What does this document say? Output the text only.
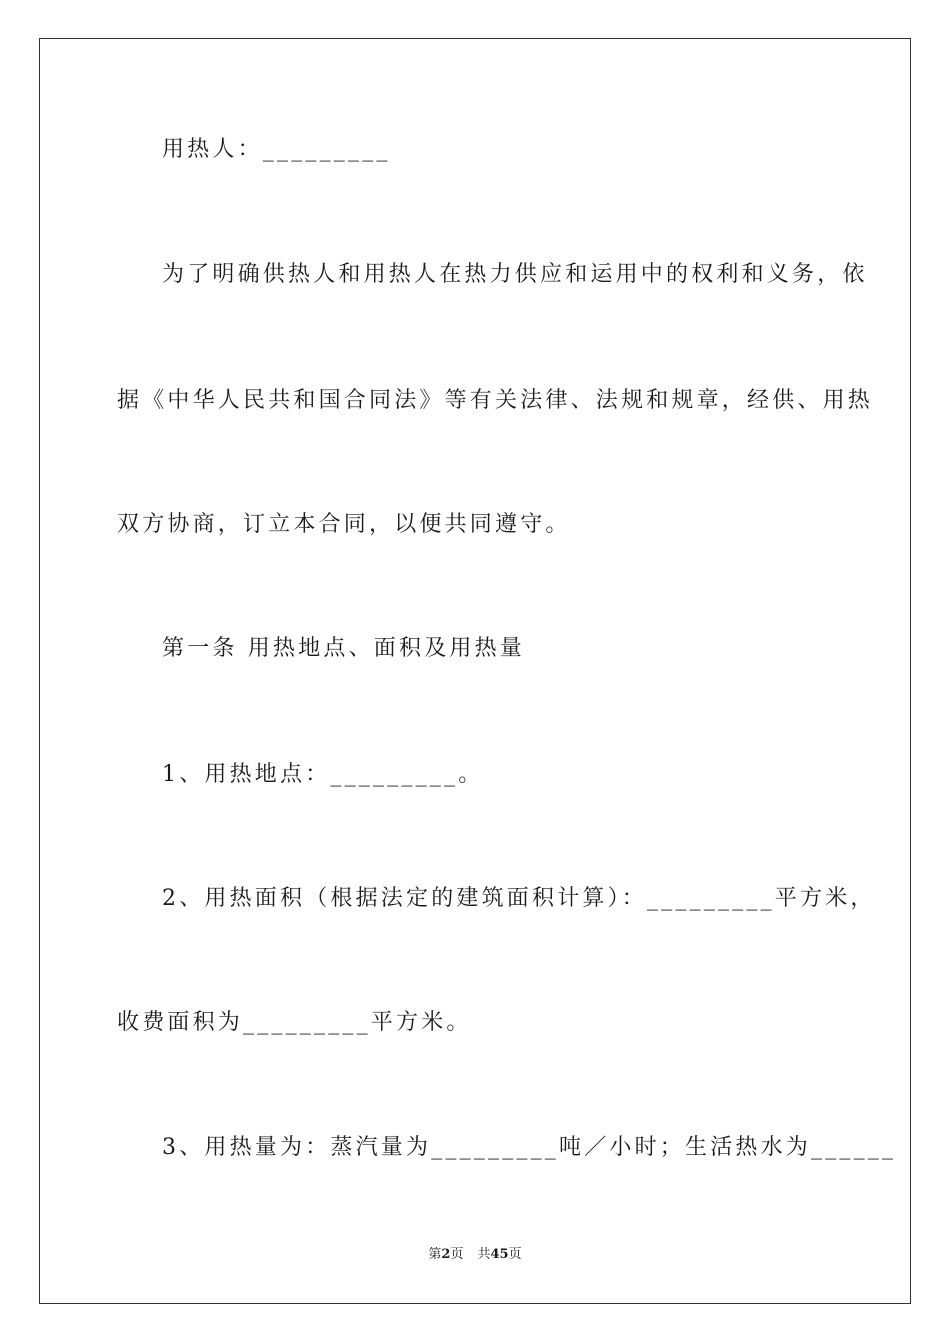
用热人：_________
为了明确供热人和用热人在热力供应和运用中的权利和义务，依
据《中华人民共和国合同法》等有关法律、法规和规章，经供、用热
双方协商，订立本合同，以便共同遵守。
第一条 用热地点、面积及用热量
1、用热地点：_________。
2、用热面积（根据法定的建筑面积计算）：_________平方米，
收费面积为_________平方米。
3、用热量为：蒸汽量为_________吨／小时；生活热水为______
第2页 共45页
